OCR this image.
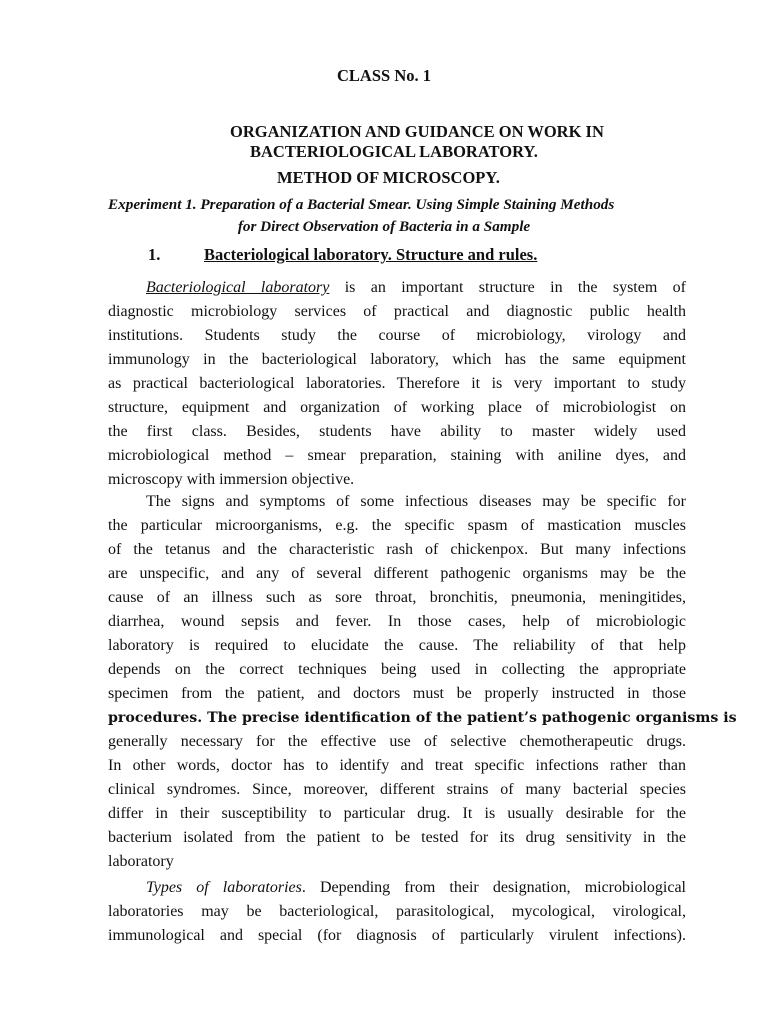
CLASS No. 1
ORGANIZATION AND GUIDANCE ON WORK IN
BACTERIOLOGICAL LABORATORY.
METHOD OF MICROSCOPY.
Experiment 1. Preparation of a Bacterial Smear. Using Simple Staining Methods
for Direct Observation of Bacteria in a Sample
1.	Bacteriological laboratory. Structure and rules.
Bacteriological laboratory is an important structure in the system of
diagnostic microbiology services of practical and diagnostic public health
institutions. Students study the course of microbiology, virology and
immunology in the bacteriological laboratory, which has the same equipment
as practical bacteriological laboratories. Therefore it is very important to study
structure, equipment and organization of working place of microbiologist on
the first class. Besides, students have ability to master widely used
microbiological method – smear preparation, staining with aniline dyes, and
microscopy with immersion objective.
The signs and symptoms of some infectious diseases may be specific for
the particular microorganisms, e.g. the specific spasm of mastication muscles
of the tetanus and the characteristic rash of chickenpox. But many infections
are unspecific, and any of several different pathogenic organisms may be the
cause of an illness such as sore throat, bronchitis, pneumonia, meningitides,
diarrhea, wound sepsis and fever. In those cases, help of microbiologic
laboratory is required to elucidate the cause. The reliability of that help
depends on the correct techniques being used in collecting the appropriate
specimen from the patient, and doctors must be properly instructed in those
procedures. The precise identification of the patient’s pathogenic organisms is
generally necessary for the effective use of selective chemotherapeutic drugs.
In other words, doctor has to identify and treat specific infections rather than
clinical syndromes. Since, moreover, different strains of many bacterial species
differ in their susceptibility to particular drug. It is usually desirable for the
bacterium isolated from the patient to be tested for its drug sensitivity in the
laboratory
Types of laboratories. Depending from their designation, microbiological
laboratories may be bacteriological, parasitological, mycological, virological,
immunological and special (for diagnosis of particularly virulent infections).
